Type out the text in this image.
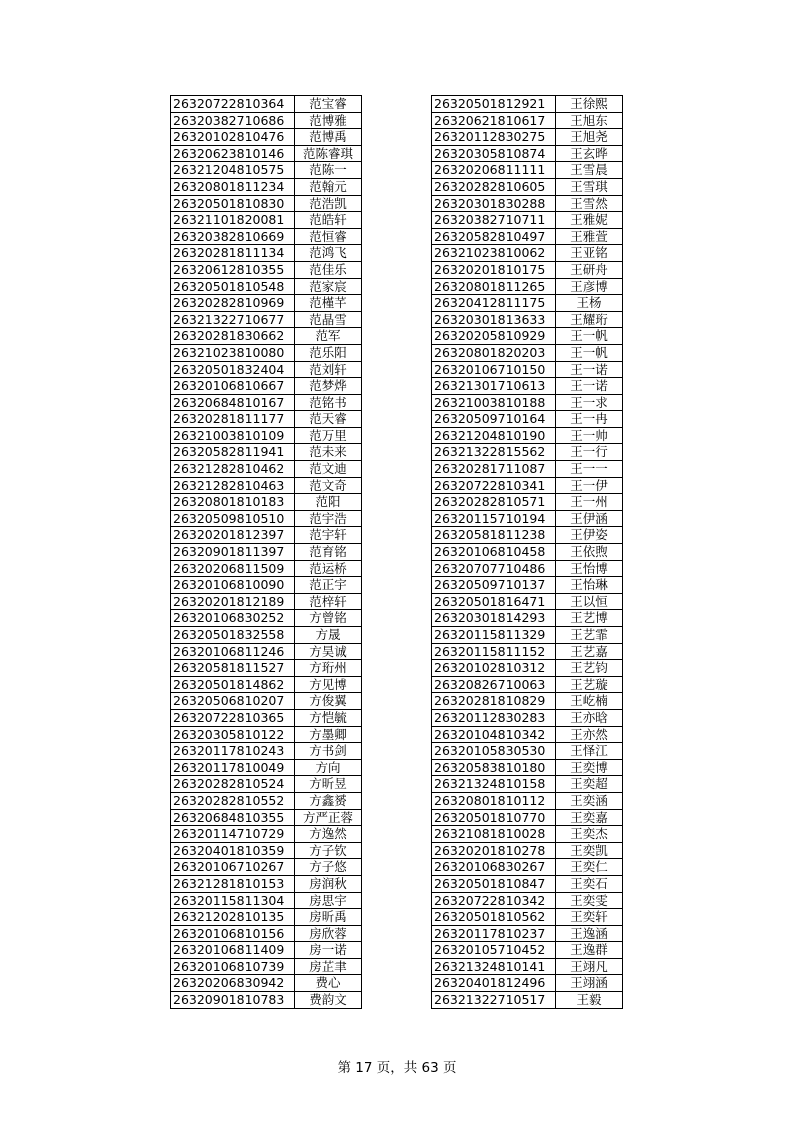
26320722810364	范宝睿
26320382710686	范博雅
26320102810476	范博禹
26320623810146	范陈睿琪
26321204810575	范陈一
26320801811234	范翰元
26320501810830	范浩凯
26321101820081	范皓轩
26320382810669	范恒睿
26320281811134	范鸿飞
26320612810355	范佳乐
26320501810548	范家宸
26320282810969	范槿芊
26321322710677	范晶雪
26320281830662	范军
26321023810080	范乐阳
26320501832404	范刘轩
26320106810667	范梦烨
26320684810167	范铭书
26320281811177	范天睿
26321003810109	范万里
26320582811941	范未来
26321282810462	范文迪
26321282810463	范文奇
26320801810183	范阳
26320509810510	范宇浩
26320201812397	范宇轩
26320901811397	范育铭
26320206811509	范运桥
26320106810090	范正宇
26320201812189	范梓轩
26320106830252	方曾铭
26320501832558	方晟
26320106811246	方昊诚
26320581811527	方珩州
26320501814862	方见博
26320506810207	方俊翼
26320722810365	方恺毓
26320305810122	方墨卿
26320117810243	方书剑
26320117810049	方向
26320282810524	方昕昱
26320282810552	方鑫赟
26320684810355	方严正蓉
26320114710729	方逸然
26320401810359	方子钦
26320106710267	方子悠
26321281810153	房润秋
26320115811304	房思宇
26321202810135	房昕禹
26320106810156	房欣蓉
26320106811409	房一诺
26320106810739	房芷聿
26320206830942	费心
26320901810783	费韵文
26320501812921	王徐熙
26320621810617	王旭东
26320112830275	王旭尧
26320305810874	王玄晔
26320206811111	王雪晨
26320282810605	王雪琪
26320301830288	王雪然
26320382710711	王雅妮
26320582810497	王雅萱
26321023810062	王亚铭
26320201810175	王研舟
26320801811265	王彦博
26320412811175	王杨
26320301813633	王耀珩
26320205810929	王一帆
26320801820203	王一帆
26320106710150	王一诺
26321301710613	王一诺
26321003810188	王一求
26320509710164	王一冉
26321204810190	王一帅
26321322815562	王一行
26320281711087	王一一
26320722810341	王一伊
26320282810571	王一州
26320115710194	王伊涵
26320581811238	王伊姿
26320106810458	王依煦
26320707710486	王怡博
26320509710137	王怡琳
26320501816471	王以恒
26320301814293	王艺博
26320115811329	王艺霏
26320115811152	王艺嘉
26320102810312	王艺钧
26320826710063	王艺璇
26320281810829	王屹楠
26320112830283	王亦晗
26320104810342	王亦然
26320105830530	王怿江
26320583810180	王奕博
26321324810158	王奕超
26320801810112	王奕涵
26320501810770	王奕嘉
26321081810028	王奕杰
26320201810278	王奕凯
26320106830267	王奕仁
26320501810847	王奕石
26320722810342	王奕雯
26320501810562	王奕轩
26320117810237	王逸涵
26320105710452	王逸群
26321324810141	王翊凡
26320401812496	王翊涵
26321322710517	王毅
第 17 页，共 63 页
